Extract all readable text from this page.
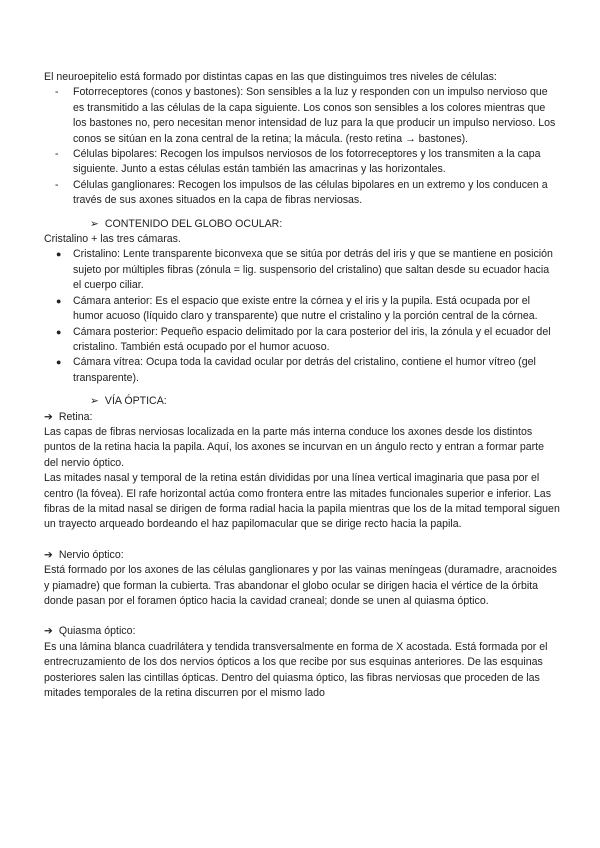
El neuroepitelio está formado por distintas capas en las que distinguimos tres niveles de células:

- Fotorreceptores (conos y bastones): Son sensibles a la luz y responden con un impulso nervioso que es transmitido a las células de la capa siguiente. Los conos son sensibles a los colores mientras que los bastones no, pero necesitan menor intensidad de luz para la que producir un impulso nervioso. Los conos se sitúan en la zona central de la retina; la mácula. (resto retina → bastones).
- Células bipolares: Recogen los impulsos nerviosos de los fotorreceptores y los transmiten a la capa siguiente. Junto a estas células están también las amacrinas y las horizontales.
- Células ganglionares: Recogen los impulsos de las células bipolares en un extremo y los conducen a través de sus axones situados en la capa de fibras nerviosas.

➢ CONTENIDO DEL GLOBO OCULAR:

Cristalino + las tres cámaras.

● Cristalino: Lente transparente biconvexa que se sitúa por detrás del iris y que se mantiene en posición sujeto por múltiples fibras (zónula = lig. suspensorio del cristalino) que saltan desde su ecuador hacia el cuerpo ciliar.
● Cámara anterior: Es el espacio que existe entre la córnea y el iris y la pupila. Está ocupada por el humor acuoso (líquido claro y transparente) que nutre el cristalino y la porción central de la córnea.
● Cámara posterior: Pequeño espacio delimitado por la cara posterior del iris, la zónula y el ecuador del cristalino. También está ocupado por el humor acuoso.
● Cámara vítrea: Ocupa toda la cavidad ocular por detrás del cristalino, contiene el humor vítreo (gel transparente).

➢ VÍA ÓPTICA:

➔ Retina:

Las capas de fibras nerviosas localizada en la parte más interna conduce los axones desde los distintos puntos de la retina hacia la papila. Aquí, los axones se incurvan en un ángulo recto y entran a formar parte del nervio óptico.

Las mitades nasal y temporal de la retina están divididas por una línea vertical imaginaria que pasa por el centro (la fóvea). El rafe horizontal actúa como frontera entre las mitades funcionales superior e inferior. Las fibras de la mitad nasal se dirigen de forma radial hacia la papila mientras que los de la mitad temporal siguen un trayecto arqueado bordeando el haz papilomacular que se dirige recto hacia la papila.

➔ Nervio óptico:

Está formado por los axones de las células ganglionares y por las vainas meníngeas (duramadre, aracnoides y piamadre) que forman la cubierta. Tras abandonar el globo ocular se dirigen hacia el vértice de la órbita donde pasan por el foramen óptico hacia la cavidad craneal; donde se unen al quiasma óptico.

➔ Quiasma óptico:

Es una lámina blanca cuadrilátera y tendida transversalmente en forma de X acostada. Está formada por el entrecruzamiento de los dos nervios ópticos a los que recibe por sus esquinas anteriores. De las esquinas posteriores salen las cintillas ópticas. Dentro del quiasma óptico, las fibras nerviosas que proceden de las mitades temporales de la retina discurren por el mismo lado
